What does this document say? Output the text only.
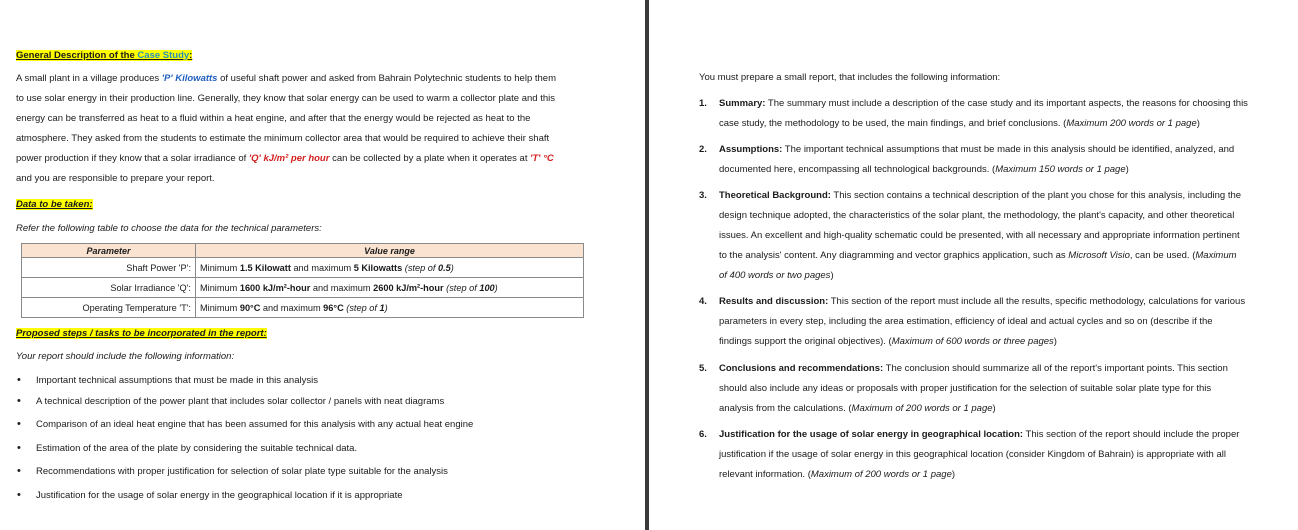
General Description of the Case Study:
A small plant in a village produces 'P' Kilowatts of useful shaft power and asked from Bahrain Polytechnic students to help them
to use solar energy in their production line. Generally, they know that solar energy can be used to warm a collector plate and this
energy can be transferred as heat to a fluid within a heat engine, and after that the energy would be rejected as heat to the
atmosphere. They asked from the students to estimate the minimum collector area that would be required to achieve their shaft
power production if they know that a solar irradiance of 'Q' kJ/m² per hour can be collected by a plate when it operates at 'T' °C
and you are responsible to prepare your report.
Data to be taken:
Refer the following table to choose the data for the technical parameters:
Parameter	Value range
Shaft Power 'P':	Minimum 1.5 Kilowatt and maximum 5 Kilowatts (step of 0.5)
Solar Irradiance 'Q':	Minimum 1600 kJ/m²-hour and maximum 2600 kJ/m²-hour (step of 100)
Operating Temperature 'T':	Minimum 90°C and maximum 96°C (step of 1)
Proposed steps / tasks to be incorporated in the report:
Your report should include the following information:
Important technical assumptions that must be made in this analysis
A technical description of the power plant that includes solar collector / panels with neat diagrams
Comparison of an ideal heat engine that has been assumed for this analysis with any actual heat engine
Estimation of the area of the plate by considering the suitable technical data.
Recommendations with proper justification for selection of solar plate type suitable for the analysis
Justification for the usage of solar energy in the geographical location if it is appropriate
You must prepare a small report, that includes the following information:
1. Summary: The summary must include a description of the case study and its important aspects, the reasons for choosing this
case study, the methodology to be used, the main findings, and brief conclusions. (Maximum 200 words or 1 page)
2. Assumptions: The important technical assumptions that must be made in this analysis should be identified, analyzed, and
documented here, encompassing all technological backgrounds. (Maximum 150 words or 1 page)
3. Theoretical Background: This section contains a technical description of the plant you chose for this analysis, including the
design technique adopted, the characteristics of the solar plant, the methodology, the plant's capacity, and other theoretical
issues. An excellent and high-quality schematic could be presented, with all necessary and appropriate information pertinent
to the analysis' content. Any diagramming and vector graphics application, such as Microsoft Visio, can be used. (Maximum
of 400 words or two pages)
4. Results and discussion: This section of the report must include all the results, specific methodology, calculations for various
parameters in every step, including the area estimation, efficiency of ideal and actual cycles and so on (describe if the
findings support the original objectives). (Maximum of 600 words or three pages)
5. Conclusions and recommendations: The conclusion should summarize all of the report's important points. This section
should also include any ideas or proposals with proper justification for the selection of suitable solar plate type for this
analysis from the calculations. (Maximum of 200 words or 1 page)
6. Justification for the usage of solar energy in geographical location: This section of the report should include the proper
justification if the usage of solar energy in this geographical location (consider Kingdom of Bahrain) is appropriate with all
relevant information. (Maximum of 200 words or 1 page)
